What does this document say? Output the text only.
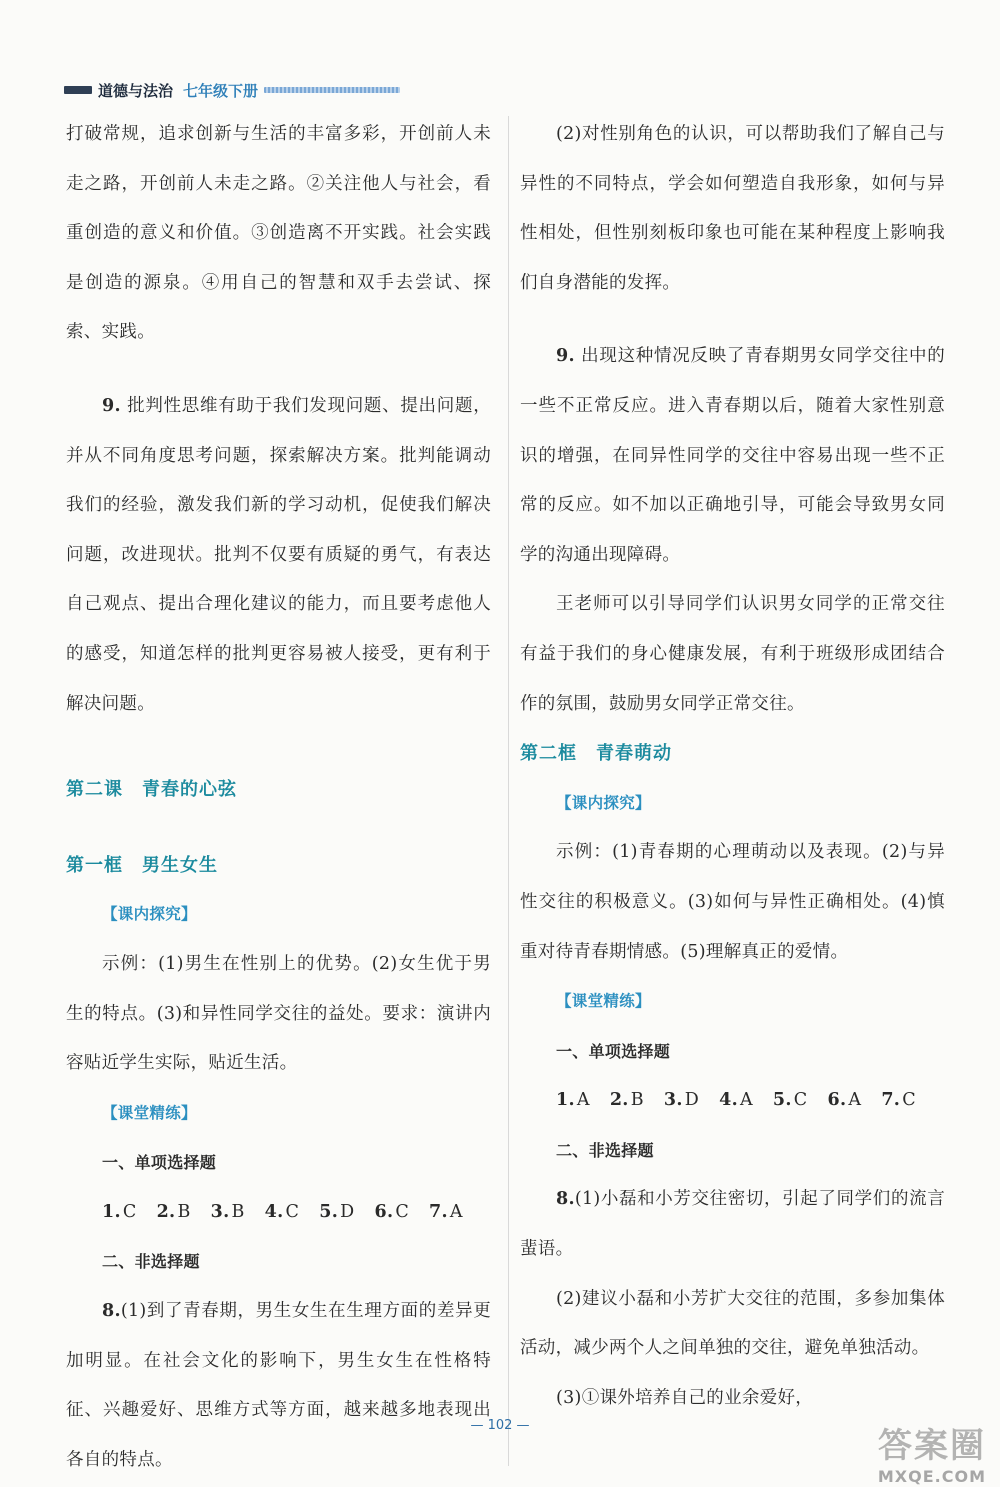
道德与法治 七年级下册

打破常规，追求创新与生活的丰富多彩，开创前人未走之路，开创前人未走之路。②关注他人与社会，看重创造的意义和价值。③创造离不开实践。社会实践是创造的源泉。④用自己的智慧和双手去尝试、探索、实践。

9. 批判性思维有助于我们发现问题、提出问题，并从不同角度思考问题，探索解决方案。批判能调动我们的经验，激发我们新的学习动机，促使我们解决问题，改进现状。批判不仅要有质疑的勇气，有表达自己观点、提出合理化建议的能力，而且要考虑他人的感受，知道怎样的批判更容易被人接受，更有利于解决问题。

第二课　青春的心弦

第一框　男生女生

【课内探究】

示例：(1)男生在性别上的优势。(2)女生优于男生的特点。(3)和异性同学交往的益处。要求：演讲内容贴近学生实际，贴近生活。

【课堂精练】

一、单项选择题

1. C 2. B 3. B 4. C 5. D 6. C 7. A

二、非选择题

8.(1)到了青春期，男生女生在生理方面的差异更加明显。在社会文化的影响下，男生女生在性格特征、兴趣爱好、思维方式等方面，越来越多地表现出各自的特点。

(2)对性别角色的认识，可以帮助我们了解自己与异性的不同特点，学会如何塑造自我形象，如何与异性相处，但性别刻板印象也可能在某种程度上影响我们自身潜能的发挥。

9. 出现这种情况反映了青春期男女同学交往中的一些不正常反应。进入青春期以后，随着大家性别意识的增强，在同异性同学的交往中容易出现一些不正常的反应。如不加以正确地引导，可能会导致男女同学的沟通出现障碍。

王老师可以引导同学们认识男女同学的正常交往有益于我们的身心健康发展，有利于班级形成团结合作的氛围，鼓励男女同学正常交往。

第二框　青春萌动

【课内探究】

示例：(1)青春期的心理萌动以及表现。(2)与异性交往的积极意义。(3)如何与异性正确相处。(4)慎重对待青春期情感。(5)理解真正的爱情。

【课堂精练】

一、单项选择题

1. A 2. B 3. D 4. A 5. C 6. A 7. C

二、非选择题

8.(1)小磊和小芳交往密切，引起了同学们的流言蜚语。

(2)建议小磊和小芳扩大交往的范围，多参加集体活动，减少两个人之间单独的交往，避免单独活动。

(3)①课外培养自己的业余爱好，

— 102 —
答案圈
MXQE.COM
